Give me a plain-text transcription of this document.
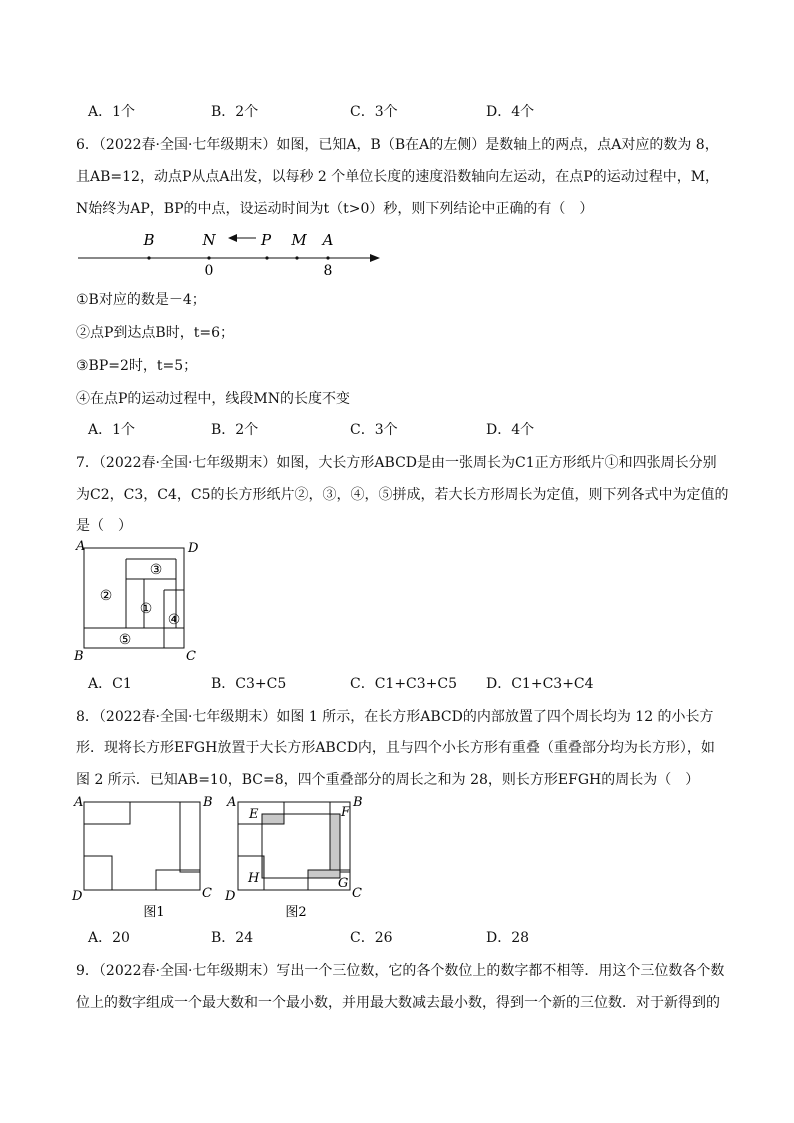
A．1个	B．2个	C．3个	D．4个
6．（2022春·全国·七年级期末）如图，已知A，B（B在A的左侧）是数轴上的两点，点A对应的数为 8，
且AB=12，动点P从点A出发，以每秒 2 个单位长度的速度沿数轴向左运动，在点P的运动过程中，M，
N始终为AP，BP的中点，设运动时间为t（t>0）秒，则下列结论中正确的有（　）
B	N	P M A
0	8
①B对应的数是－4；
②点P到达点B时，t=6；
③BP=2时，t=5；
④在点P的运动过程中，线段MN的长度不变
A．1个	B．2个	C．3个	D．4个
7．（2022春·全国·七年级期末）如图，大长方形ABCD是由一张周长为C1正方形纸片①和四张周长分别
为C2，C3，C4，C5的长方形纸片②，③，④，⑤拼成，若大长方形周长为定值，则下列各式中为定值的
是（　）
A	D
B	C
②
③
①
④
⑤
A．C1	B．C3+C5	C．C1+C3+C5 D．C1+C3+C4
8．（2022春·全国·七年级期末）如图 1 所示，在长方形ABCD的内部放置了四个周长均为 12 的小长方
形．现将长方形EFGH放置于大长方形ABCD内，且与四个小长方形有重叠（重叠部分均为长方形），如
图 2 所示．已知AB=10，BC=8，四个重叠部分的周长之和为 28，则长方形EFGH的周长为（　）
A	B
D	C
图1
A	B
D	C
E	F
G
H
图2
A．20	B．24	C．26	D．28
9．（2022春·全国·七年级期末）写出一个三位数，它的各个数位上的数字都不相等．用这个三位数各个数
位上的数字组成一个最大数和一个最小数，并用最大数减去最小数，得到一个新的三位数．对于新得到的
